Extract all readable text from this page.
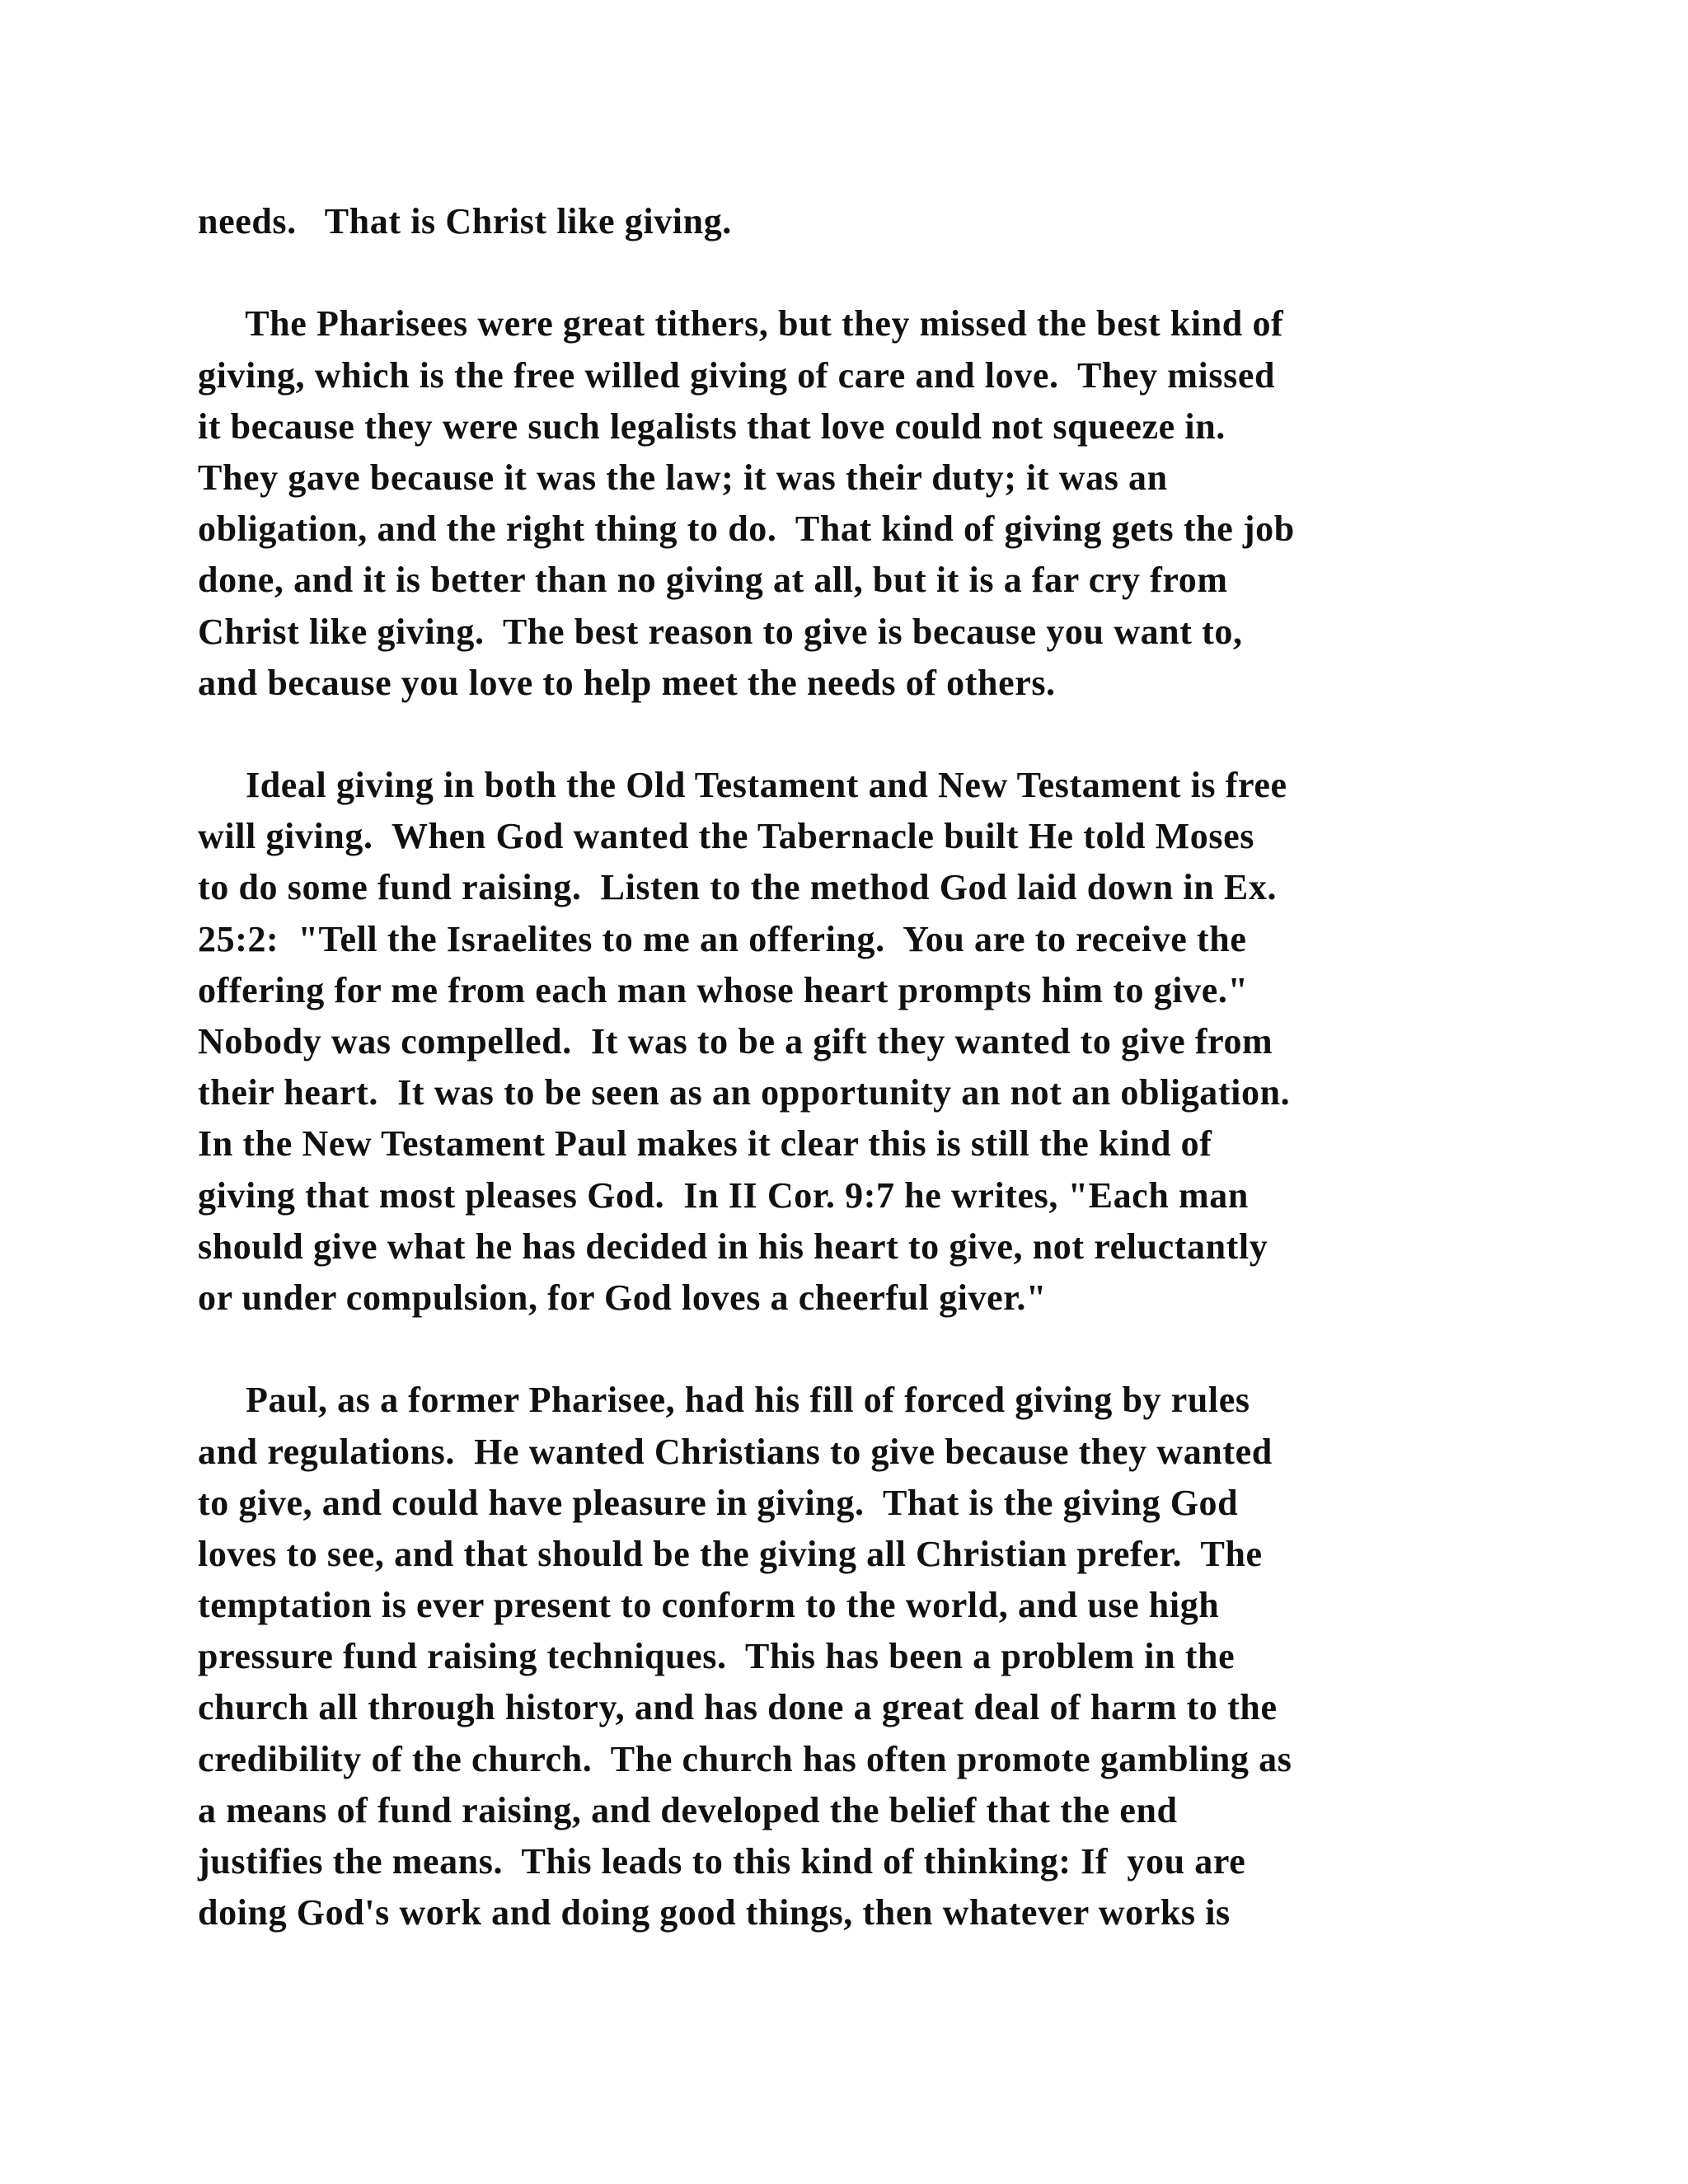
needs.   That is Christ like giving.
The Pharisees were great tithers, but they missed the best kind of
giving, which is the free willed giving of care and love.  They missed
it because they were such legalists that love could not squeeze in.
They gave because it was the law; it was their duty; it was an
obligation, and the right thing to do.  That kind of giving gets the job
done, and it is better than no giving at all, but it is a far cry from
Christ like giving.  The best reason to give is because you want to,
and because you love to help meet the needs of others.
Ideal giving in both the Old Testament and New Testament is free
will giving.  When God wanted the Tabernacle built He told Moses
to do some fund raising.  Listen to the method God laid down in Ex.
25:2:  "Tell the Israelites to me an offering.  You are to receive the
offering for me from each man whose heart prompts him to give."
Nobody was compelled.  It was to be a gift they wanted to give from
their heart.  It was to be seen as an opportunity an not an obligation.
In the New Testament Paul makes it clear this is still the kind of
giving that most pleases God.  In II Cor. 9:7 he writes, "Each man
should give what he has decided in his heart to give, not reluctantly
or under compulsion, for God loves a cheerful giver."
Paul, as a former Pharisee, had his fill of forced giving by rules
and regulations.  He wanted Christians to give because they wanted
to give, and could have pleasure in giving.  That is the giving God
loves to see, and that should be the giving all Christian prefer.  The
temptation is ever present to conform to the world, and use high
pressure fund raising techniques.  This has been a problem in the
church all through history, and has done a great deal of harm to the
credibility of the church.  The church has often promote gambling as
a means of fund raising, and developed the belief that the end
justifies the means.  This leads to this kind of thinking: If  you are
doing God's work and doing good things, then whatever works is
